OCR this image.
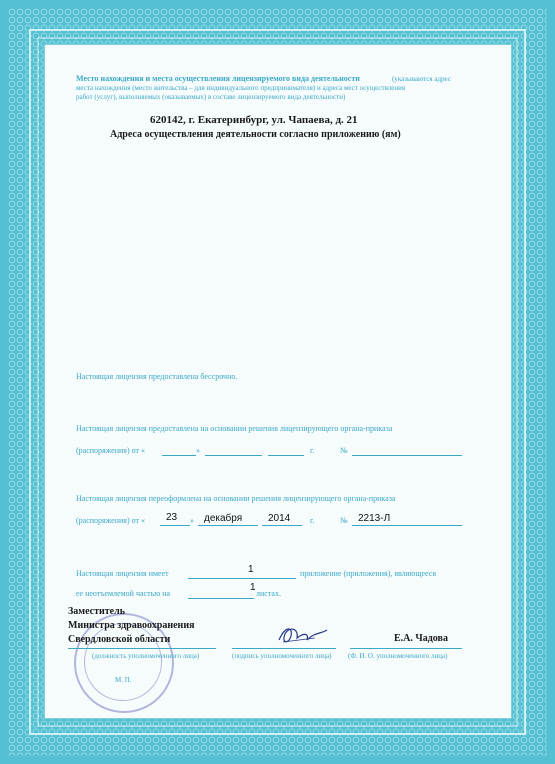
Место нахождения и места осуществления лицензируемого вида деятельности	(указываются адрес
места нахождения (место жительства – для индивидуального предпринимателя) и адреса мест осуществления
работ (услуг), выполняемых (оказываемых) в составе лицензируемого вида деятельности)
620142, г. Екатеринбург, ул. Чапаева, д. 21
Адреса осуществления деятельности согласно приложению (ям)
Настоящая лицензия предоставлена бессрочно.
Настоящая лицензия предоставлена на основании решения лицензирующего органа-приказа
(распоряжения) от «	»	г.	№
Настоящая лицензия переоформлена на основании решения лицензирующего органа-приказа
(распоряжения) от « 23 » декабря	2014 г.	№ 2213-Л
Настоящая лицензия имеет	1	приложение (приложения), являющееся
ее неотъемлемой частью на
1
листах.
Заместитель
Министра здравоохранения
Свердловской области	Е.А. Чадова
(должность уполномоченного лица)	(подпись уполномоченного лица) (Ф. И. О. уполномоченного лица)
М. П.
